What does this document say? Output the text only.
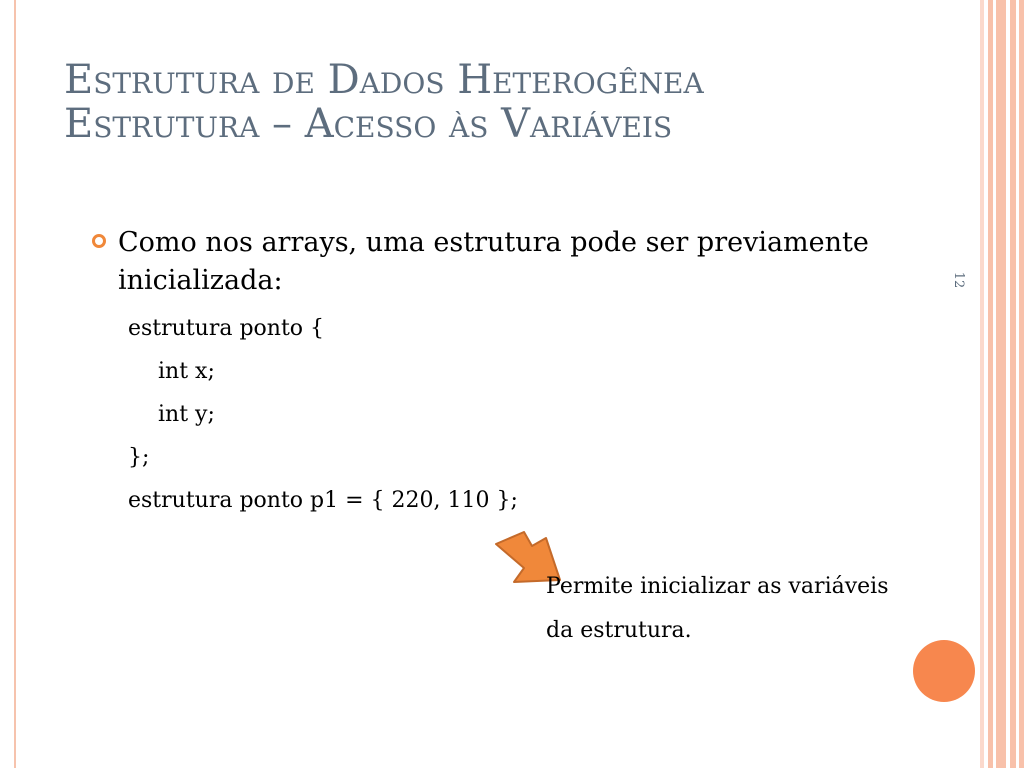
Estrutura de Dados Heterogênea
Estrutura – Acesso às Variáveis

Como nos arrays, uma estrutura pode ser previamente inicializada:	12

estrutura ponto {

int x;

int y;

};

estrutura ponto p1 = { 220, 110 };

Permite inicializar as variáveis

da estrutura.
